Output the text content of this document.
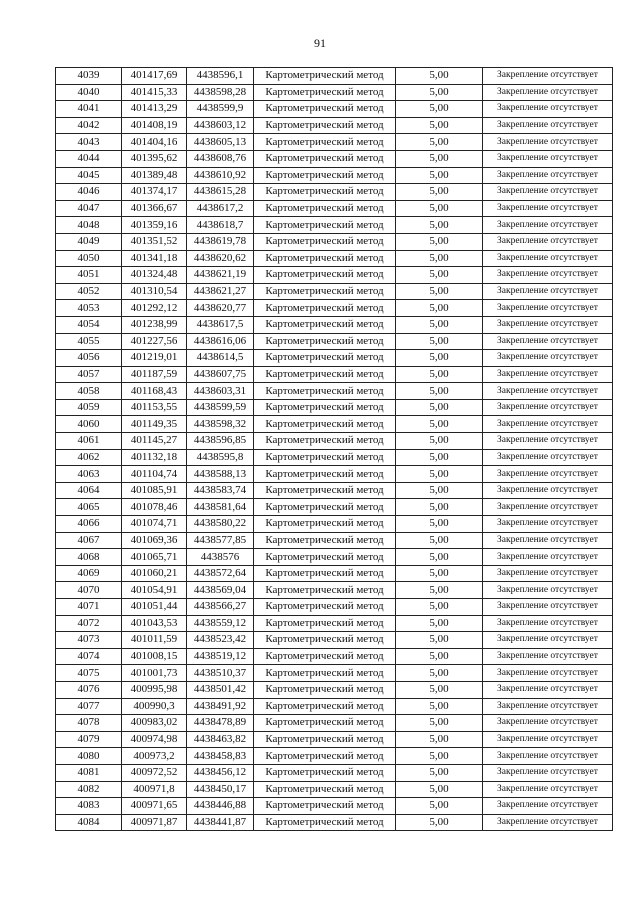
91
4039	401417,69	4438596,1	Картометрический метод	5,00	Закрепление отсутствует
4040	401415,33	4438598,28	Картометрический метод	5,00	Закрепление отсутствует
4041	401413,29	4438599,9	Картометрический метод	5,00	Закрепление отсутствует
4042	401408,19	4438603,12	Картометрический метод	5,00	Закрепление отсутствует
4043	401404,16	4438605,13	Картометрический метод	5,00	Закрепление отсутствует
4044	401395,62	4438608,76	Картометрический метод	5,00	Закрепление отсутствует
4045	401389,48	4438610,92	Картометрический метод	5,00	Закрепление отсутствует
4046	401374,17	4438615,28	Картометрический метод	5,00	Закрепление отсутствует
4047	401366,67	4438617,2	Картометрический метод	5,00	Закрепление отсутствует
4048	401359,16	4438618,7	Картометрический метод	5,00	Закрепление отсутствует
4049	401351,52	4438619,78	Картометрический метод	5,00	Закрепление отсутствует
4050	401341,18	4438620,62	Картометрический метод	5,00	Закрепление отсутствует
4051	401324,48	4438621,19	Картометрический метод	5,00	Закрепление отсутствует
4052	401310,54	4438621,27	Картометрический метод	5,00	Закрепление отсутствует
4053	401292,12	4438620,77	Картометрический метод	5,00	Закрепление отсутствует
4054	401238,99	4438617,5	Картометрический метод	5,00	Закрепление отсутствует
4055	401227,56	4438616,06	Картометрический метод	5,00	Закрепление отсутствует
4056	401219,01	4438614,5	Картометрический метод	5,00	Закрепление отсутствует
4057	401187,59	4438607,75	Картометрический метод	5,00	Закрепление отсутствует
4058	401168,43	4438603,31	Картометрический метод	5,00	Закрепление отсутствует
4059	401153,55	4438599,59	Картометрический метод	5,00	Закрепление отсутствует
4060	401149,35	4438598,32	Картометрический метод	5,00	Закрепление отсутствует
4061	401145,27	4438596,85	Картометрический метод	5,00	Закрепление отсутствует
4062	401132,18	4438595,8	Картометрический метод	5,00	Закрепление отсутствует
4063	401104,74	4438588,13	Картометрический метод	5,00	Закрепление отсутствует
4064	401085,91	4438583,74	Картометрический метод	5,00	Закрепление отсутствует
4065	401078,46	4438581,64	Картометрический метод	5,00	Закрепление отсутствует
4066	401074,71	4438580,22	Картометрический метод	5,00	Закрепление отсутствует
4067	401069,36	4438577,85	Картометрический метод	5,00	Закрепление отсутствует
4068	401065,71	4438576	Картометрический метод	5,00	Закрепление отсутствует
4069	401060,21	4438572,64	Картометрический метод	5,00	Закрепление отсутствует
4070	401054,91	4438569,04	Картометрический метод	5,00	Закрепление отсутствует
4071	401051,44	4438566,27	Картометрический метод	5,00	Закрепление отсутствует
4072	401043,53	4438559,12	Картометрический метод	5,00	Закрепление отсутствует
4073	401011,59	4438523,42	Картометрический метод	5,00	Закрепление отсутствует
4074	401008,15	4438519,12	Картометрический метод	5,00	Закрепление отсутствует
4075	401001,73	4438510,37	Картометрический метод	5,00	Закрепление отсутствует
4076	400995,98	4438501,42	Картометрический метод	5,00	Закрепление отсутствует
4077	400990,3	4438491,92	Картометрический метод	5,00	Закрепление отсутствует
4078	400983,02	4438478,89	Картометрический метод	5,00	Закрепление отсутствует
4079	400974,98	4438463,82	Картометрический метод	5,00	Закрепление отсутствует
4080	400973,2	4438458,83	Картометрический метод	5,00	Закрепление отсутствует
4081	400972,52	4438456,12	Картометрический метод	5,00	Закрепление отсутствует
4082	400971,8	4438450,17	Картометрический метод	5,00	Закрепление отсутствует
4083	400971,65	4438446,88	Картометрический метод	5,00	Закрепление отсутствует
4084	400971,87	4438441,87	Картометрический метод	5,00	Закрепление отсутствует
